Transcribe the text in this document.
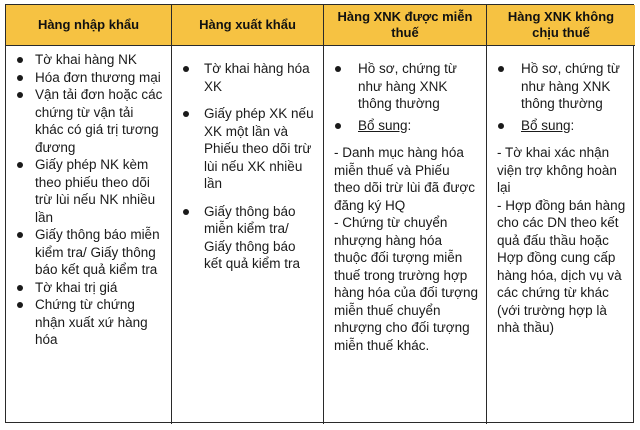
Hàng nhập khẩu	Hàng xuất khẩu
Hàng XNK được miễn thuế
Hàng XNK không chịu thuế
Tờ khai hàng NK
Hóa đơn thương mại
Vận tải đơn hoặc các chứng từ vận tải khác có giá trị tương đương
Giấy phép NK kèm theo phiếu theo dõi trừ lùi nếu NK nhiều lần
Giấy thông báo miễn kiểm tra/ Giấy thông báo kết quả kiểm tra
Tờ khai trị giá
Chứng từ chứng nhận xuất xứ hàng hóa
Tờ khai hàng hóa XK
Giấy phép XK nếu XK một lần và Phiếu theo dõi trừ lùi nếu XK nhiều lần
Giấy thông báo miễn kiểm tra/ Giấy thông báo kết quả kiểm tra
Hồ sơ, chứng từ như hàng XNK thông thường
Bổ sung:
- Danh mục hàng hóa miễn thuế và Phiếu theo dõi trừ lùi đã được đăng ký HQ
- Chứng từ chuyển nhượng hàng hóa thuộc đối tượng miễn thuế trong trường hợp hàng hóa của đối tượng miễn thuế chuyển nhượng cho đối tượng miễn thuế khác.
Hồ sơ, chứng từ như hàng XNK thông thường
Bổ sung:
- Tờ khai xác nhận viện trợ không hoàn lại
- Hợp đồng bán hàng cho các DN theo kết quả đấu thầu hoặc Hợp đồng cung cấp hàng hóa, dịch vụ và các chứng từ khác (với trường hợp là nhà thầu)
